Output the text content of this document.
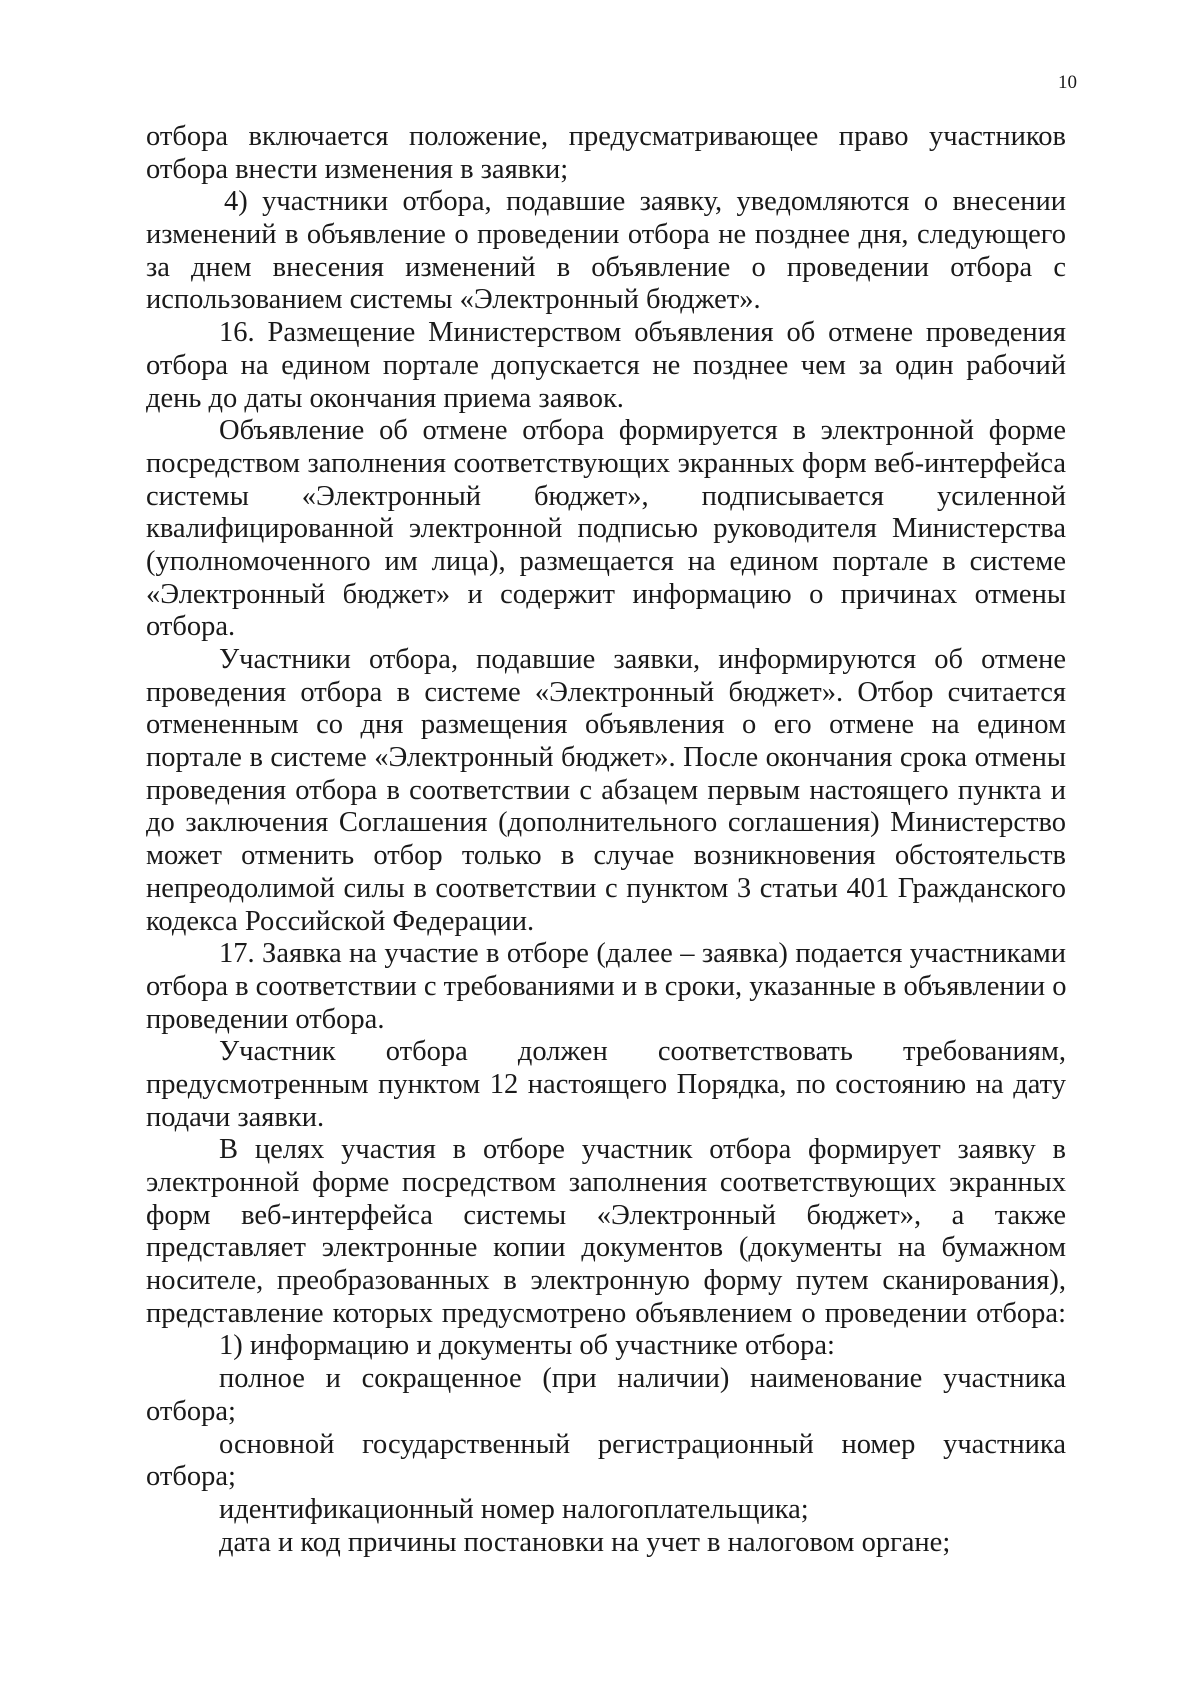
10
отбора включается положение, предусматривающее право участников
отбора внести изменения в заявки;
4) участники отбора, подавшие заявку, уведомляются о внесении
изменений в объявление о проведении отбора не позднее дня, следующего
за днем внесения изменений в объявление о проведении отбора с
использованием системы «Электронный бюджет».
16. Размещение Министерством объявления об отмене проведения
отбора на едином портале допускается не позднее чем за один рабочий
день до даты окончания приема заявок.
Объявление об отмене отбора формируется в электронной форме
посредством заполнения соответствующих экранных форм веб-интерфейса
системы «Электронный бюджет», подписывается усиленной
квалифицированной электронной подписью руководителя Министерства
(уполномоченного им лица), размещается на едином портале в системе
«Электронный бюджет» и содержит информацию о причинах отмены
отбора.
Участники отбора, подавшие заявки, информируются об отмене
проведения отбора в системе «Электронный бюджет». Отбор считается
отмененным со дня размещения объявления о его отмене на едином
портале в системе «Электронный бюджет». После окончания срока отмены
проведения отбора в соответствии с абзацем первым настоящего пункта и
до заключения Соглашения (дополнительного соглашения) Министерство
может отменить отбор только в случае возникновения обстоятельств
непреодолимой силы в соответствии с пунктом 3 статьи 401 Гражданского
кодекса Российской Федерации.
17. Заявка на участие в отборе (далее – заявка) подается участниками
отбора в соответствии с требованиями и в сроки, указанные в объявлении о
проведении отбора.
Участник отбора должен соответствовать требованиям,
предусмотренным пунктом 12 настоящего Порядка, по состоянию на дату
подачи заявки.
В целях участия в отборе участник отбора формирует заявку в
электронной форме посредством заполнения соответствующих экранных
форм веб-интерфейса системы «Электронный бюджет», а также
представляет электронные копии документов (документы на бумажном
носителе, преобразованных в электронную форму путем сканирования),
представление которых предусмотрено объявлением о проведении отбора:
1) информацию и документы об участнике отбора:
полное и сокращенное (при наличии) наименование участника
отбора;
основной государственный регистрационный номер участника
отбора;
идентификационный номер налогоплательщика;
дата и код причины постановки на учет в налоговом органе;
